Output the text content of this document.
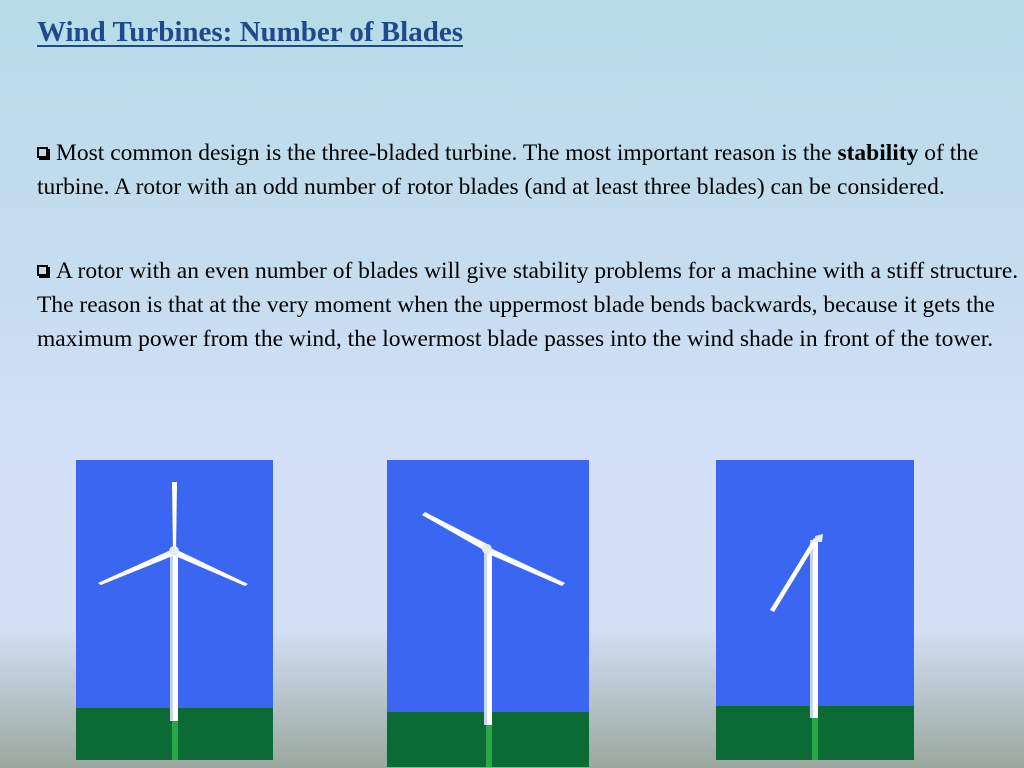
Wind Turbines: Number of Blades

Most common design is the three-bladed turbine. The most important reason is the stability of the turbine. A rotor with an odd number of rotor blades (and at least three blades) can be considered.

A rotor with an even number of blades will give stability problems for a machine with a stiff structure. The reason is that at the very moment when the uppermost blade bends backwards, because it gets the maximum power from the wind, the lowermost blade passes into the wind shade in front of the tower.
